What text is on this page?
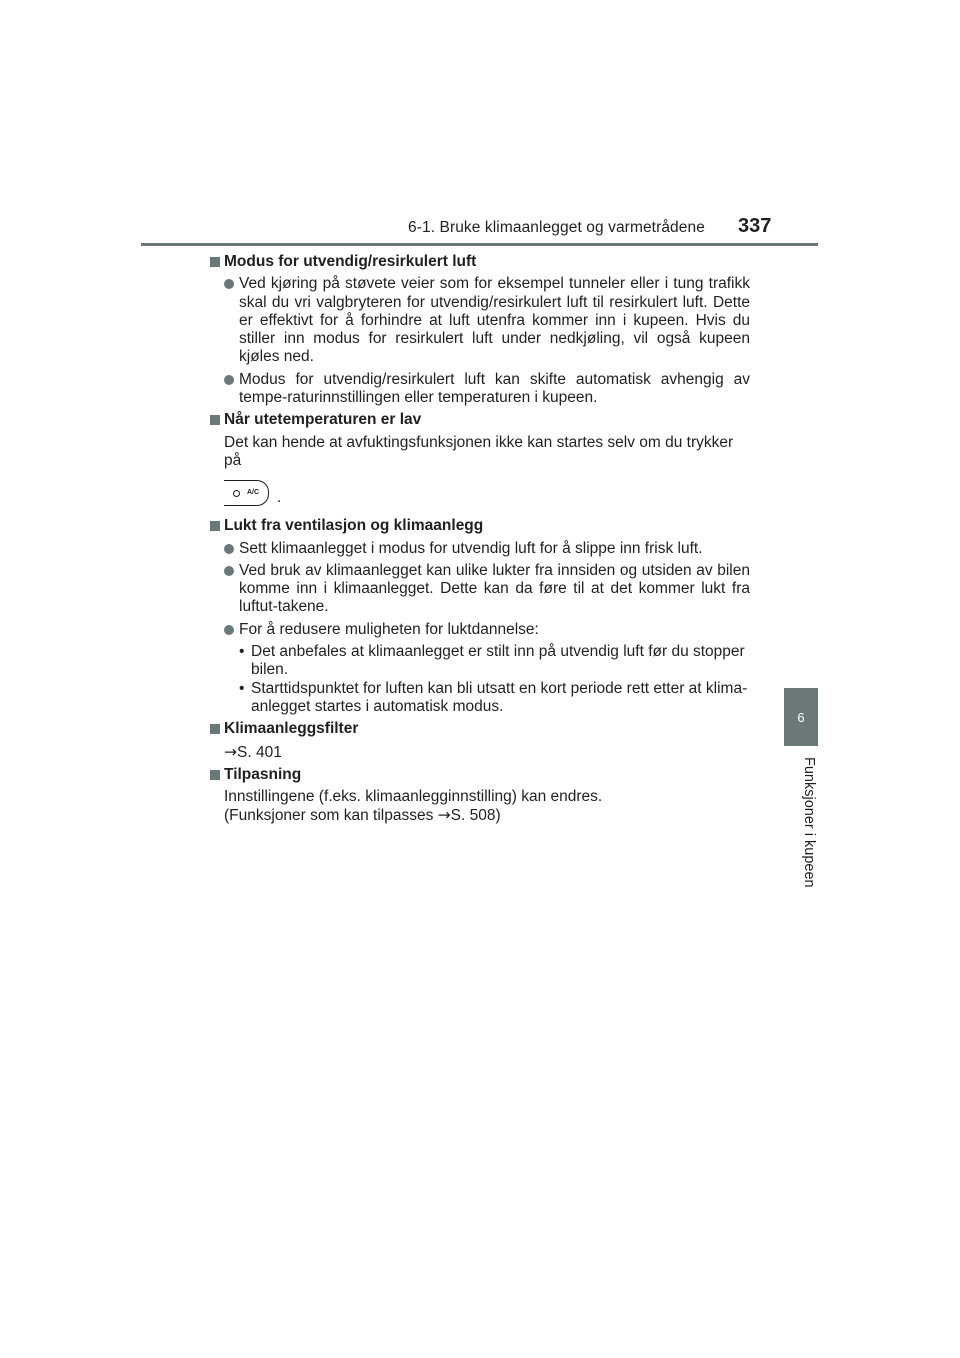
6-1. Bruke klimaanlegget og varmetrådene 337
6
Funksjoner i kupeen
Modus for utvendig/resirkulert luft
Ved kjøring på støvete veier som for eksempel tunneler eller i tung trafikk skal du vri valgbryteren for utvendig/resirkulert luft til resirkulert luft. Dette er effektivt for å forhindre at luft utenfra kommer inn i kupeen. Hvis du stiller inn modus for resirkulert luft under nedkjøling, vil også kupeen kjøles ned.
Modus for utvendig/resirkulert luft kan skifte automatisk avhengig av tempe-raturinnstillingen eller temperaturen i kupeen.
Når utetemperaturen er lav
Det kan hende at avfuktingsfunksjonen ikke kan startes selv om du trykker på
A/C .
Lukt fra ventilasjon og klimaanlegg
Sett klimaanlegget i modus for utvendig luft for å slippe inn frisk luft.
Ved bruk av klimaanlegget kan ulike lukter fra innsiden og utsiden av bilen komme inn i klimaanlegget. Dette kan da føre til at det kommer lukt fra luftut-takene.
For å redusere muligheten for luktdannelse:
• Det anbefales at klimaanlegget er stilt inn på utvendig luft før du stopper bilen.
• Starttidspunktet for luften kan bli utsatt en kort periode rett etter at klima-anlegget startes i automatisk modus.
Klimaanleggsfilter
→S. 401
Tilpasning
Innstillingene (f.eks. klimaanlegginnstilling) kan endres.
(Funksjoner som kan tilpasses →S. 508)
